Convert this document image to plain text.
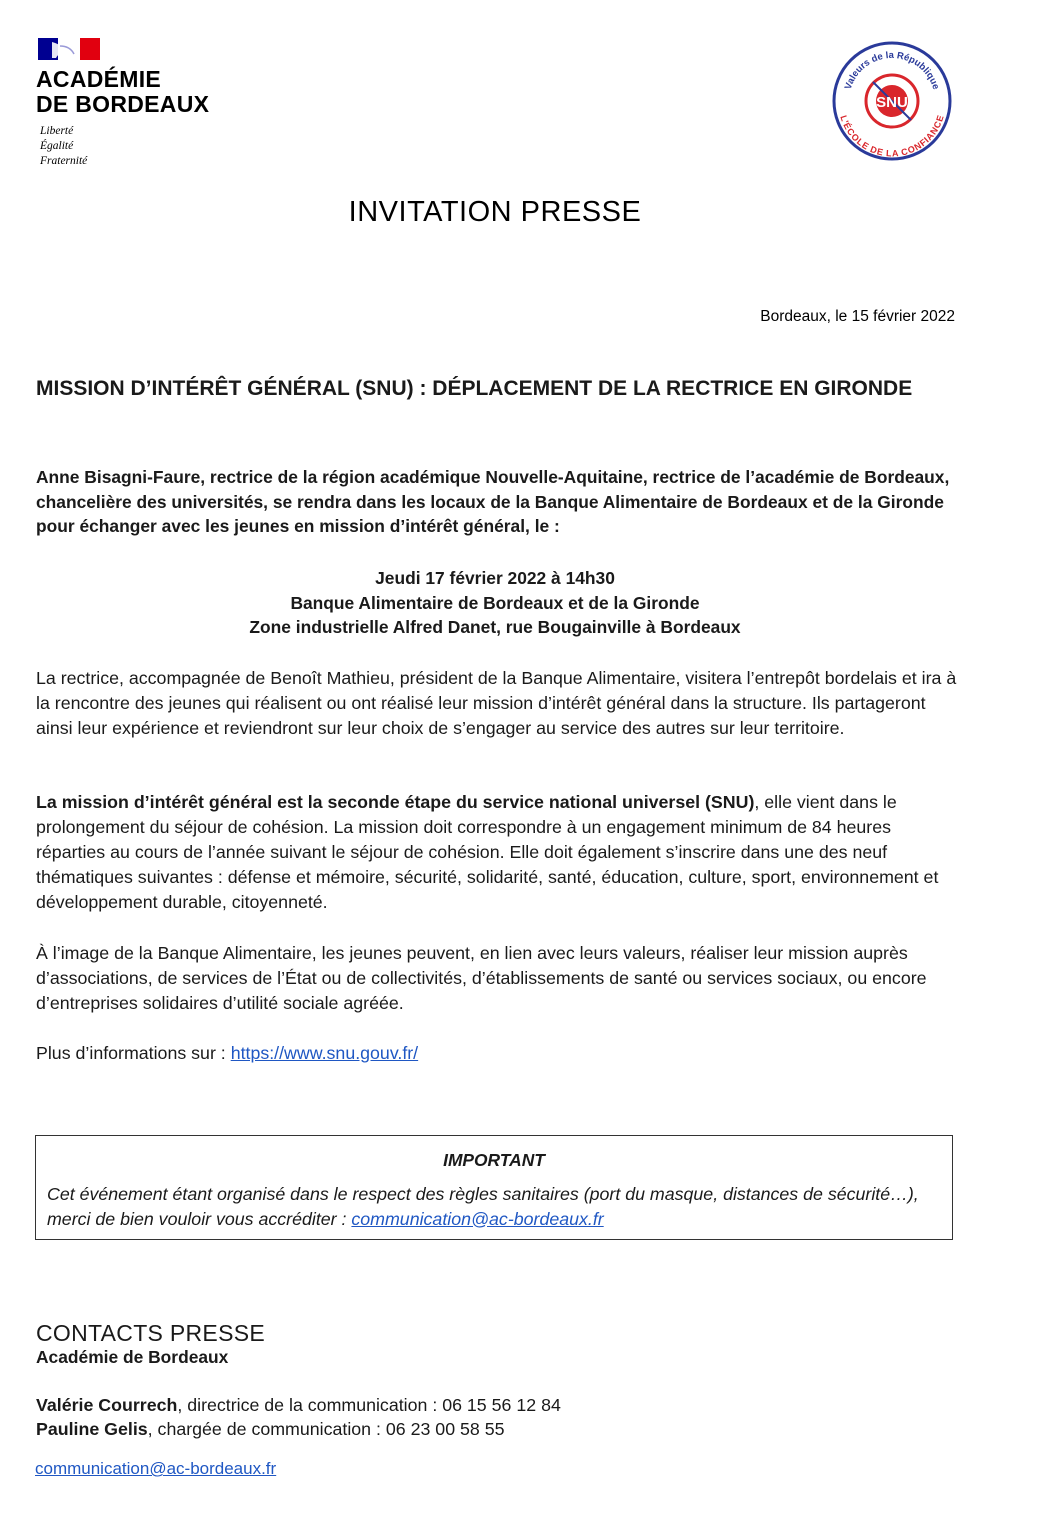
ACADÉMIE
DE BORDEAUX
Liberté
Égalité
Fraternité
SNU
Valeurs de la République
L'ÉCOLE DE LA CONFIANCE
INVITATION PRESSE
Bordeaux, le 15 février 2022
MISSION D’INTÉRÊT GÉNÉRAL (SNU) : DÉPLACEMENT DE LA RECTRICE EN GIRONDE
Anne Bisagni-Faure, rectrice de la région académique Nouvelle-Aquitaine, rectrice de l’académie de Bordeaux, chancelière des universités, se rendra dans les locaux de la Banque Alimentaire de Bordeaux et de la Gironde pour échanger avec les jeunes en mission d’intérêt général, le :
Jeudi 17 février 2022 à 14h30
Banque Alimentaire de Bordeaux et de la Gironde
Zone industrielle Alfred Danet, rue Bougainville à Bordeaux
La rectrice, accompagnée de Benoît Mathieu, président de la Banque Alimentaire, visitera l’entrepôt bordelais et ira à la rencontre des jeunes qui réalisent ou ont réalisé leur mission d’intérêt général dans la structure. Ils partageront ainsi leur expérience et reviendront sur leur choix de s’engager au service des autres sur leur territoire.
La mission d’intérêt général est la seconde étape du service national universel (SNU), elle vient dans le prolongement du séjour de cohésion. La mission doit correspondre à un engagement minimum de 84 heures réparties au cours de l’année suivant le séjour de cohésion. Elle doit également s’inscrire dans une des neuf thématiques suivantes : défense et mémoire, sécurité, solidarité, santé, éducation, culture, sport, environnement et développement durable, citoyenneté.
À l’image de la Banque Alimentaire, les jeunes peuvent, en lien avec leurs valeurs, réaliser leur mission auprès d’associations, de services de l’État ou de collectivités, d’établissements de santé ou services sociaux, ou encore d’entreprises solidaires d’utilité sociale agréée.
Plus d’informations sur : https://www.snu.gouv.fr/
IMPORTANT
Cet événement étant organisé dans le respect des règles sanitaires (port du masque, distances de sécurité…), merci de bien vouloir vous accréditer : communication@ac-bordeaux.fr
CONTACTS PRESSE
Académie de Bordeaux
Valérie Courrech, directrice de la communication : 06 15 56 12 84
Pauline Gelis, chargée de communication : 06 23 00 58 55
communication@ac-bordeaux.fr
